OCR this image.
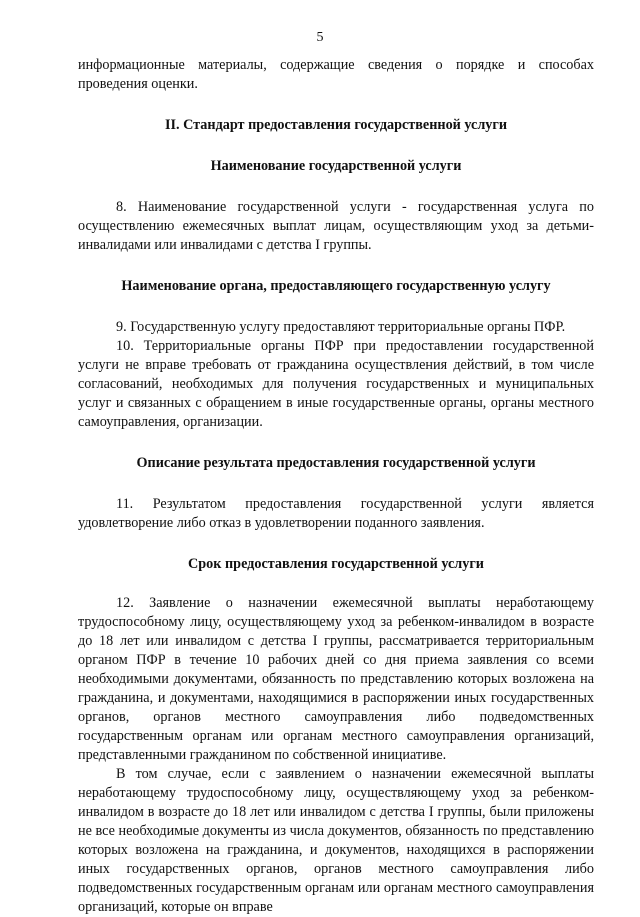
5

информационные материалы, содержащие сведения о порядке и способах проведения оценки.

II. Стандарт предоставления государственной услуги
Наименование государственной услуги

8. Наименование государственной услуги - государственная услуга по осуществлению ежемесячных выплат лицам, осуществляющим уход за детьми-инвалидами или инвалидами с детства I группы.

Наименование органа, предоставляющего государственную услугу

9. Государственную услугу предоставляют территориальные органы ПФР.

10. Территориальные органы ПФР при предоставлении государственной услуги не вправе требовать от гражданина осуществления действий, в том числе согласований, необходимых для получения государственных и муниципальных услуг и связанных с обращением в иные государственные органы, органы местного самоуправления, организации.

Описание результата предоставления государственной услуги

11. Результатом предоставления государственной услуги является удовлетворение либо отказ в удовлетворении поданного заявления.

Срок предоставления государственной услуги

12. Заявление о назначении ежемесячной выплаты неработающему трудоспособному лицу, осуществляющему уход за ребенком-инвалидом в возрасте до 18 лет или инвалидом с детства I группы, рассматривается территориальным органом ПФР в течение 10 рабочих дней со дня приема заявления со всеми необходимыми документами, обязанность по представлению которых возложена на гражданина, и документами, находящимися в распоряжении иных государственных органов, органов местного самоуправления либо подведомственных государственным органам или органам местного самоуправления организаций, представленными гражданином по собственной инициативе.

В том случае, если с заявлением о назначении ежемесячной выплаты неработающему трудоспособному лицу, осуществляющему уход за ребенком-инвалидом в возрасте до 18 лет или инвалидом с детства I группы, были приложены не все необходимые документы из числа документов, обязанность по представлению которых возложена на гражданина, и документов, находящихся в распоряжении иных государственных органов, органов местного самоуправления либо подведомственных государственным органам или органам местного самоуправления организаций, которые он вправе
